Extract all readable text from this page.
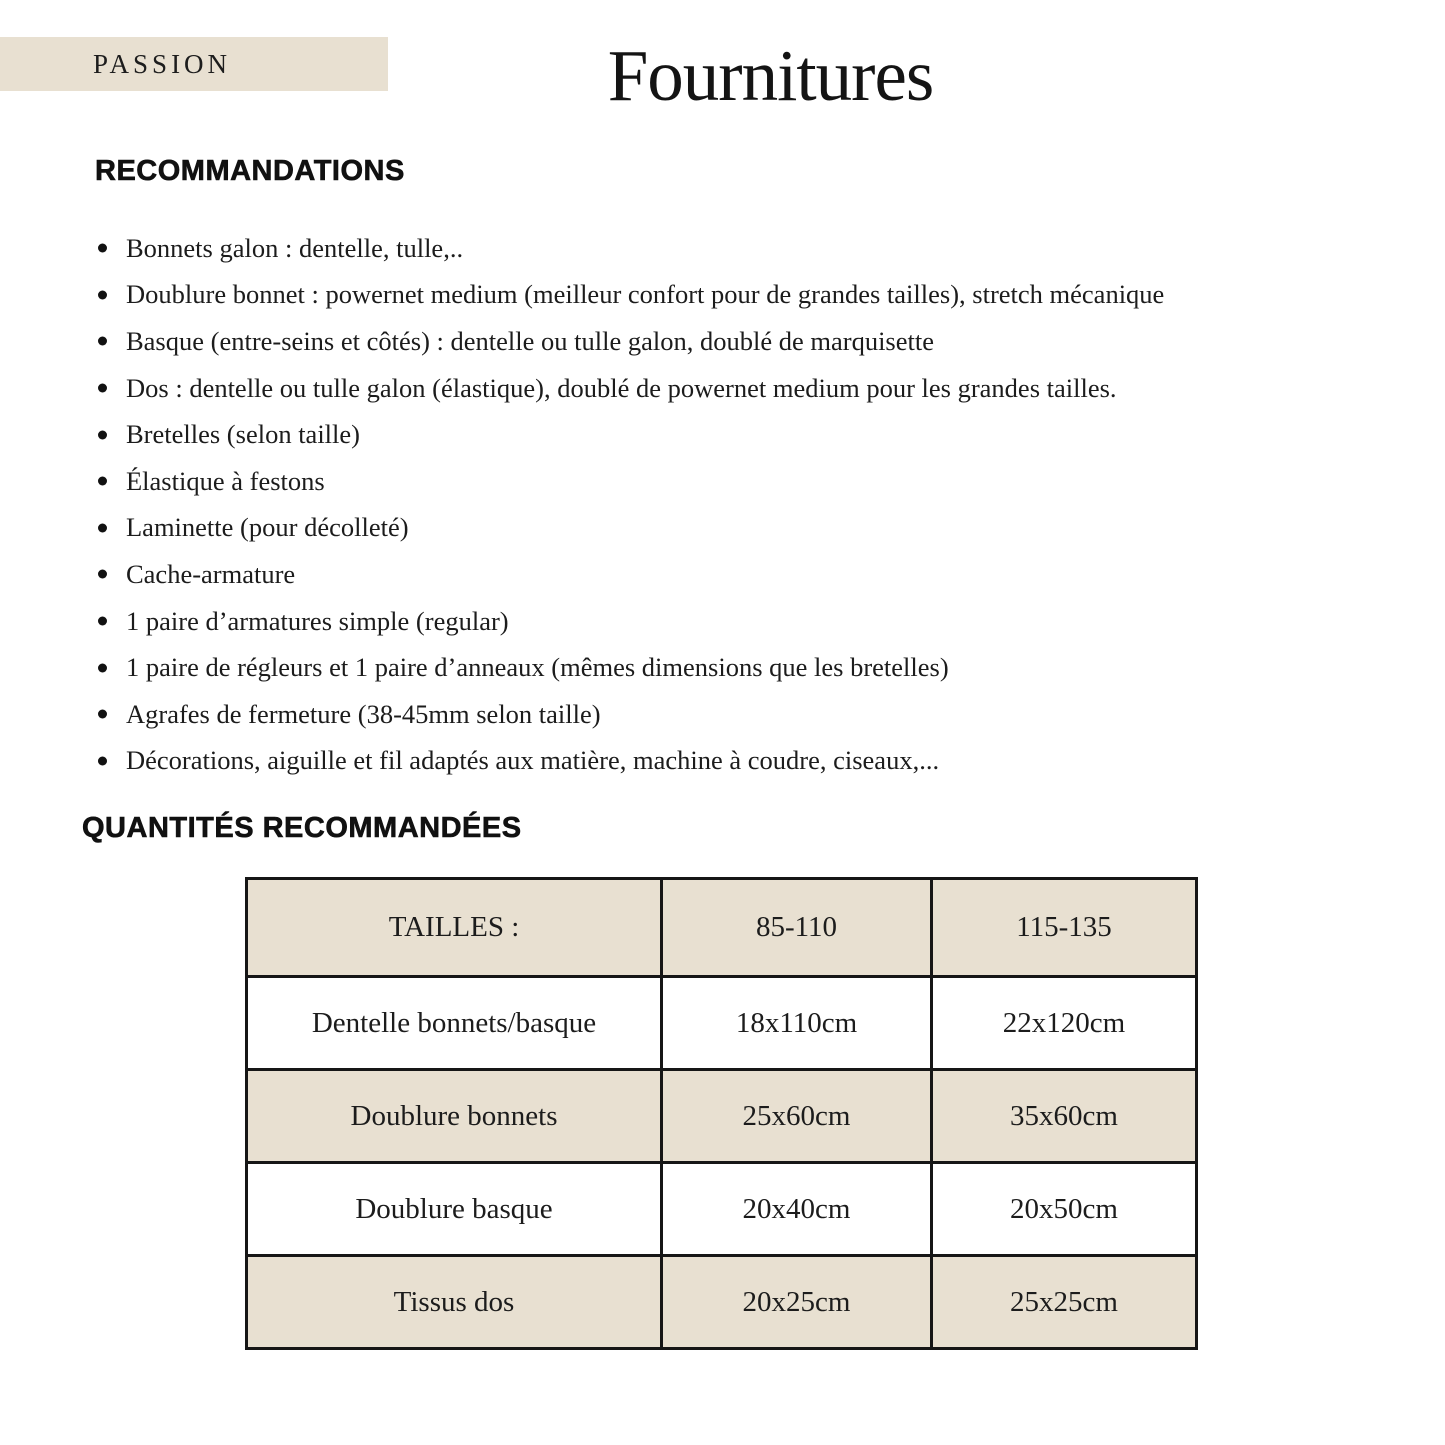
PASSION	Fournitures
RECOMMANDATIONS
Bonnets galon : dentelle, tulle,..
Doublure bonnet : powernet medium (meilleur confort pour de grandes tailles), stretch mécanique
Basque (entre-seins et côtés) : dentelle ou tulle galon, doublé de marquisette
Dos : dentelle ou tulle galon (élastique), doublé de powernet medium pour les grandes tailles.
Bretelles (selon taille)
Élastique à festons
Laminette (pour décolleté)
Cache-armature
1 paire d’armatures simple (regular)
1 paire de régleurs et 1 paire d’anneaux (mêmes dimensions que les bretelles)
Agrafes de fermeture (38-45mm selon taille)
Décorations, aiguille et fil adaptés aux matière, machine à coudre, ciseaux,...
QUANTITÉS RECOMMANDÉES
TAILLES :	85-110	115-135
Dentelle bonnets/basque	18x110cm	22x120cm
Doublure bonnets	25x60cm	35x60cm
Doublure basque	20x40cm	20x50cm
Tissus dos	20x25cm	25x25cm
